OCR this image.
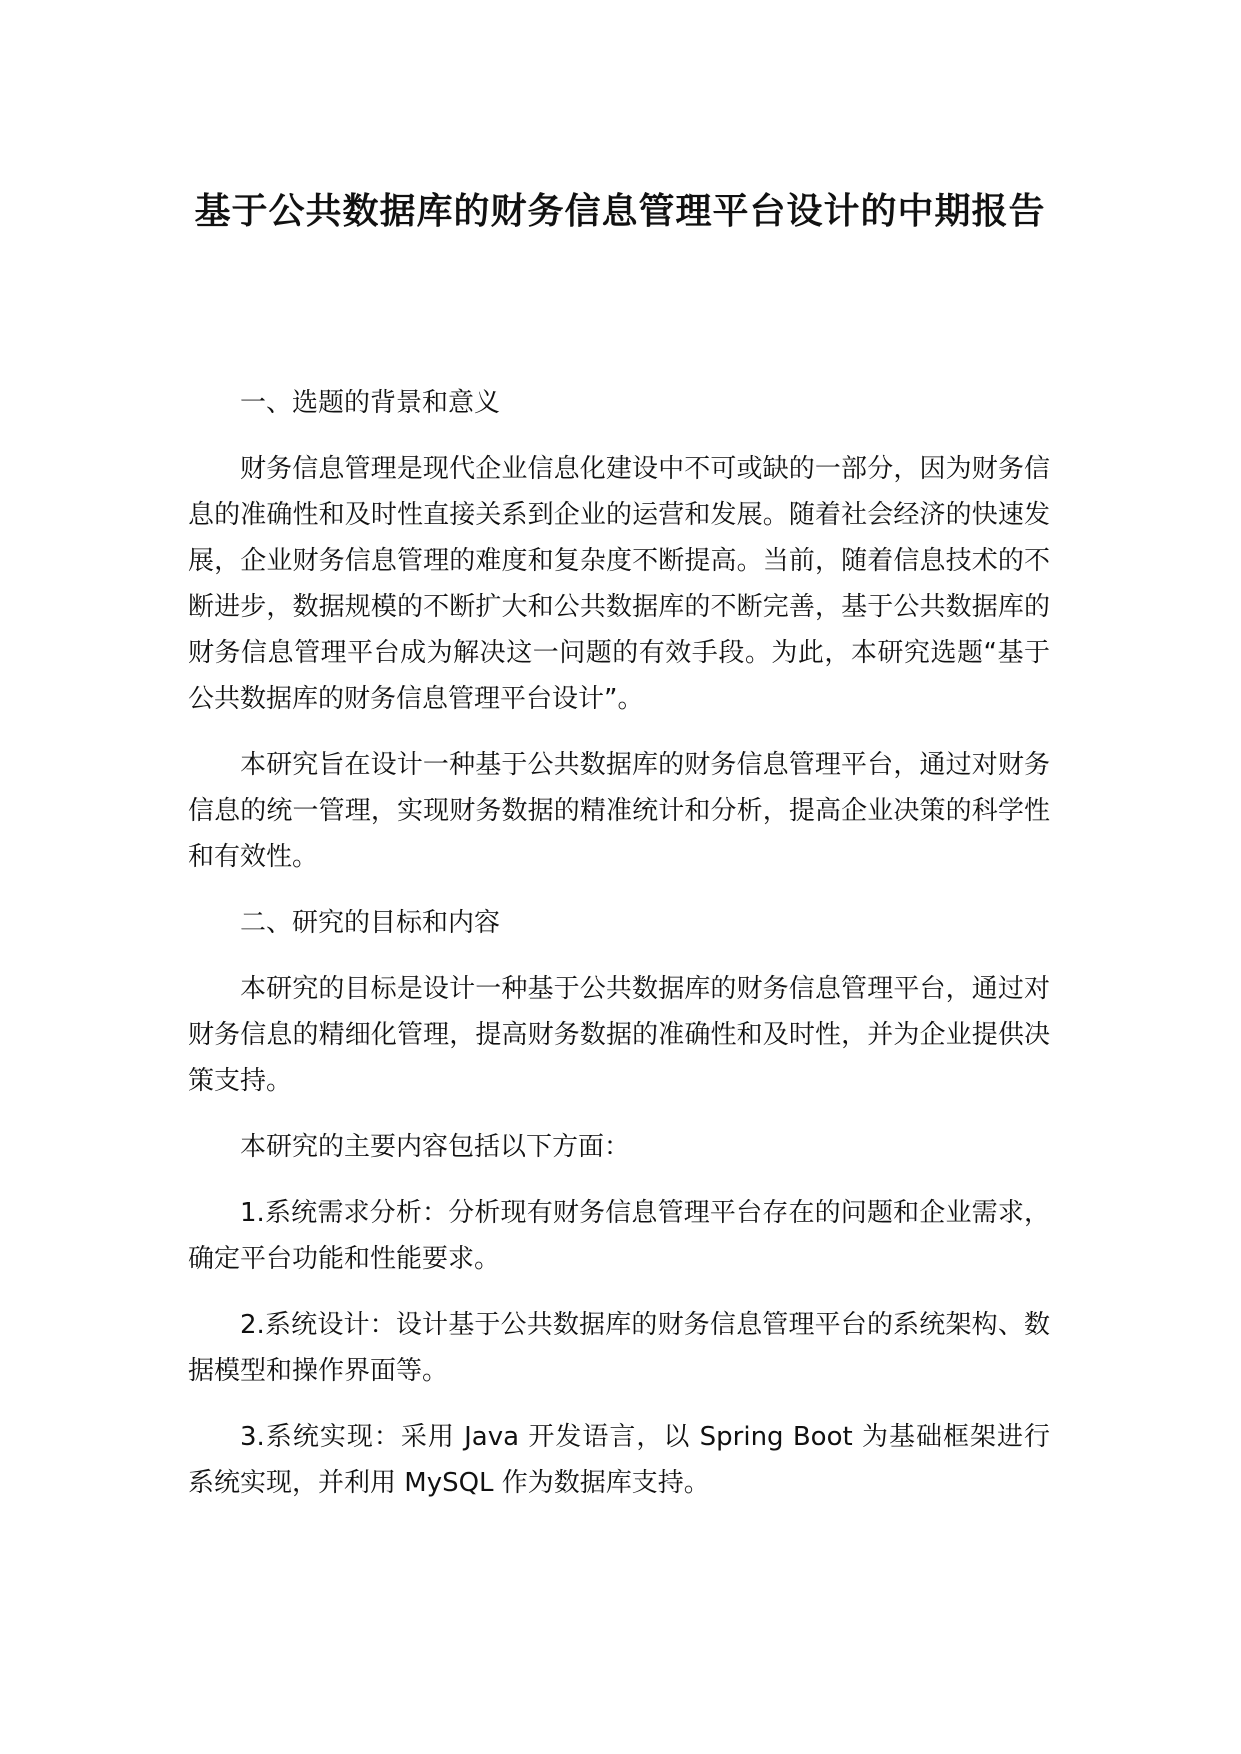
基于公共数据库的财务信息管理平台设计的中期报告

一、选题的背景和意义

财务信息管理是现代企业信息化建设中不可或缺的一部分，因为财务信息的准确性和及时性直接关系到企业的运营和发展。随着社会经济的快速发展，企业财务信息管理的难度和复杂度不断提高。当前，随着信息技术的不断进步，数据规模的不断扩大和公共数据库的不断完善，基于公共数据库的财务信息管理平台成为解决这一问题的有效手段。为此，本研究选题“基于公共数据库的财务信息管理平台设计”。

本研究旨在设计一种基于公共数据库的财务信息管理平台，通过对财务信息的统一管理，实现财务数据的精准统计和分析，提高企业决策的科学性和有效性。

二、研究的目标和内容

本研究的目标是设计一种基于公共数据库的财务信息管理平台，通过对财务信息的精细化管理，提高财务数据的准确性和及时性，并为企业提供决策支持。

本研究的主要内容包括以下方面：

1.系统需求分析：分析现有财务信息管理平台存在的问题和企业需求，确定平台功能和性能要求。

2.系统设计：设计基于公共数据库的财务信息管理平台的系统架构、数据模型和操作界面等。

3.系统实现：采用 Java 开发语言，以 Spring Boot 为基础框架进行系统实现，并利用 MySQL 作为数据库支持。
